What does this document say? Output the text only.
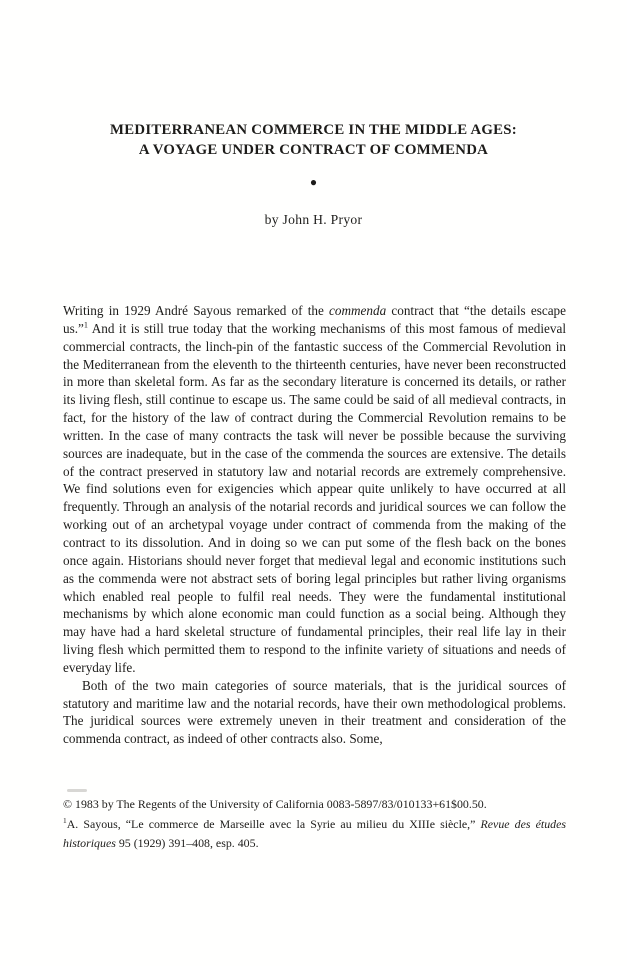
MEDITERRANEAN COMMERCE IN THE MIDDLE AGES:
A VOYAGE UNDER CONTRACT OF COMMENDA
●
by John H. Pryor

Writing in 1929 André Sayous remarked of the commenda contract that “the details escape us.”$^1$ And it is still true today that the working mechanisms of this most famous of medieval commercial contracts, the linch-pin of the fantastic success of the Commercial Revolution in the Mediterranean from the eleventh to the thirteenth centuries, have never been reconstructed in more than skeletal form. As far as the secondary literature is concerned its details, or rather its living flesh, still continue to escape us. The same could be said of all medieval contracts, in fact, for the history of the law of contract during the Commercial Revolution remains to be written. In the case of many contracts the task will never be possible because the surviving sources are inadequate, but in the case of the commenda the sources are extensive. The details of the contract preserved in statutory law and notarial records are extremely comprehensive. We find solutions even for exigencies which appear quite unlikely to have occurred at all frequently. Through an analysis of the notarial records and juridical sources we can follow the working out of an archetypal voyage under contract of commenda from the making of the contract to its dissolution. And in doing so we can put some of the flesh back on the bones once again. Historians should never forget that medieval legal and economic institutions such as the commenda were not abstract sets of boring legal principles but rather living organisms which enabled real people to fulfil real needs. They were the fundamental institutional mechanisms by which alone economic man could function as a social being. Although they may have had a hard skeletal structure of fundamental principles, their real life lay in their living flesh which permitted them to respond to the infinite variety of situations and needs of everyday life.

Both of the two main categories of source materials, that is the juridical sources of statutory and maritime law and the notarial records, have their own methodological problems. The juridical sources were extremely uneven in their treatment and consideration of the commenda contract, as indeed of other contracts also. Some,

© 1983 by The Regents of the University of California 0083-5897/83/010133+61$00.50.

$^1$A. Sayous, “Le commerce de Marseille avec la Syrie au milieu du XIIIe siècle,” Revue des études historiques 95 (1929) 391–408, esp. 405.
